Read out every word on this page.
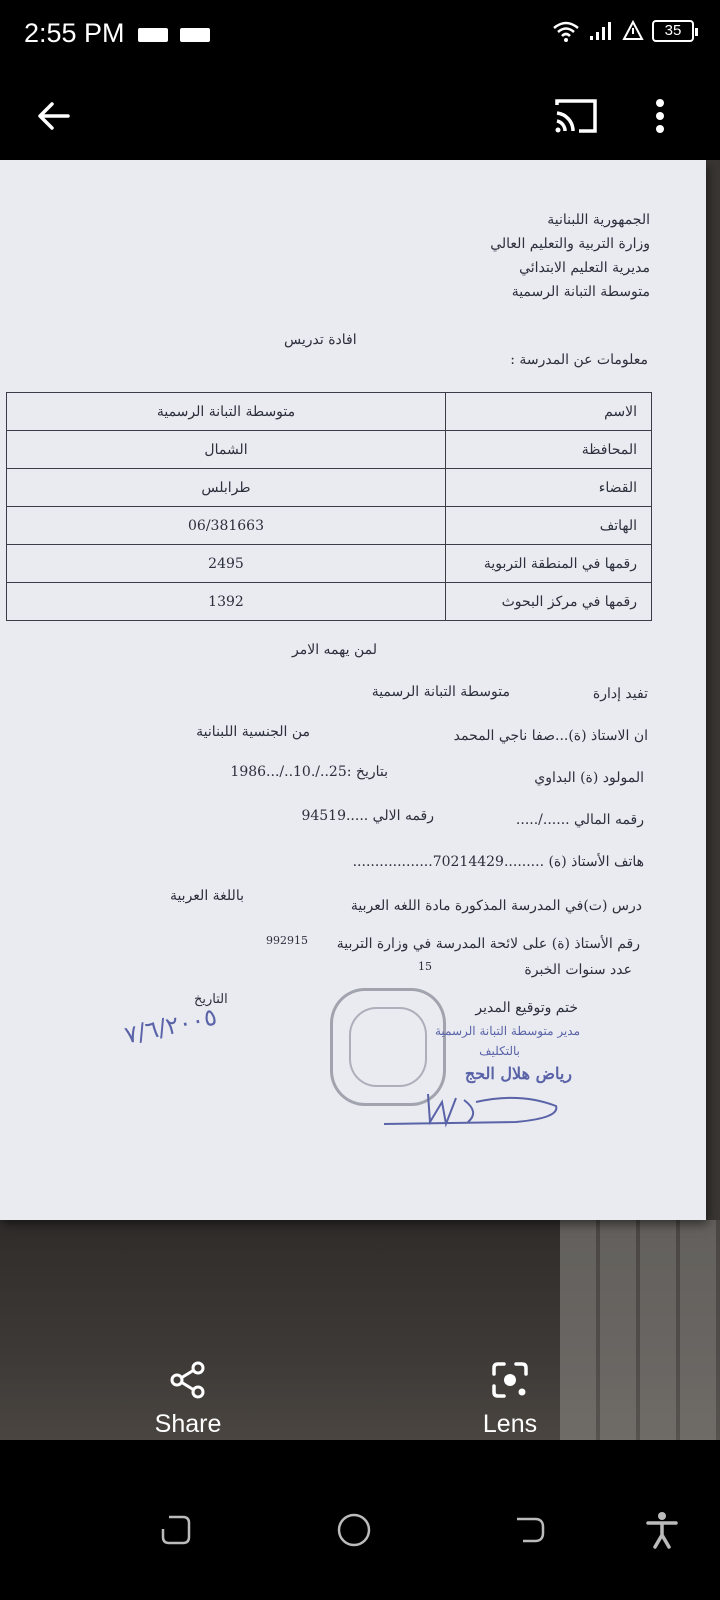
2:55 PM	35
الجمهورية اللبنانية
وزارة التربية والتعليم العالي
مديرية التعليم الابتدائي
متوسطة التبانة الرسمية
افادة تدريس
معلومات عن المدرسة :
الاسم	متوسطة التبانة الرسمية
المحافظة	الشمال
القضاء	طرابلس
الهاتف	06/381663
رقمها في المنطقة التربوية	2495
رقمها في مركز البحوث	1392
لمن يهمه الامر
تفيد إدارة
متوسطة التبانة الرسمية
ان الاستاذ (ة)...صفا ناجي المحمد
من الجنسية اللبنانية
المولود (ة) البداوي
بتاريخ :25../.10../...1986
رقمه المالي ....../.....
رقمه الالي .....94519
هاتف الأستاذ (ة) .........70214429..................
درس (ت)في المدرسة المذكورة مادة اللغه العربية
باللغة العربية
رقم الأستاذ (ة) على لائحة المدرسة في وزارة التربية
992915
عدد سنوات الخبرة
15
التاريخ
٧/٦/٢٠٠٥	ختم وتوقيع المدير
مدير متوسطة التبانة الرسمية
بالتكليف
رياض هلال الحج
Share	Lens
